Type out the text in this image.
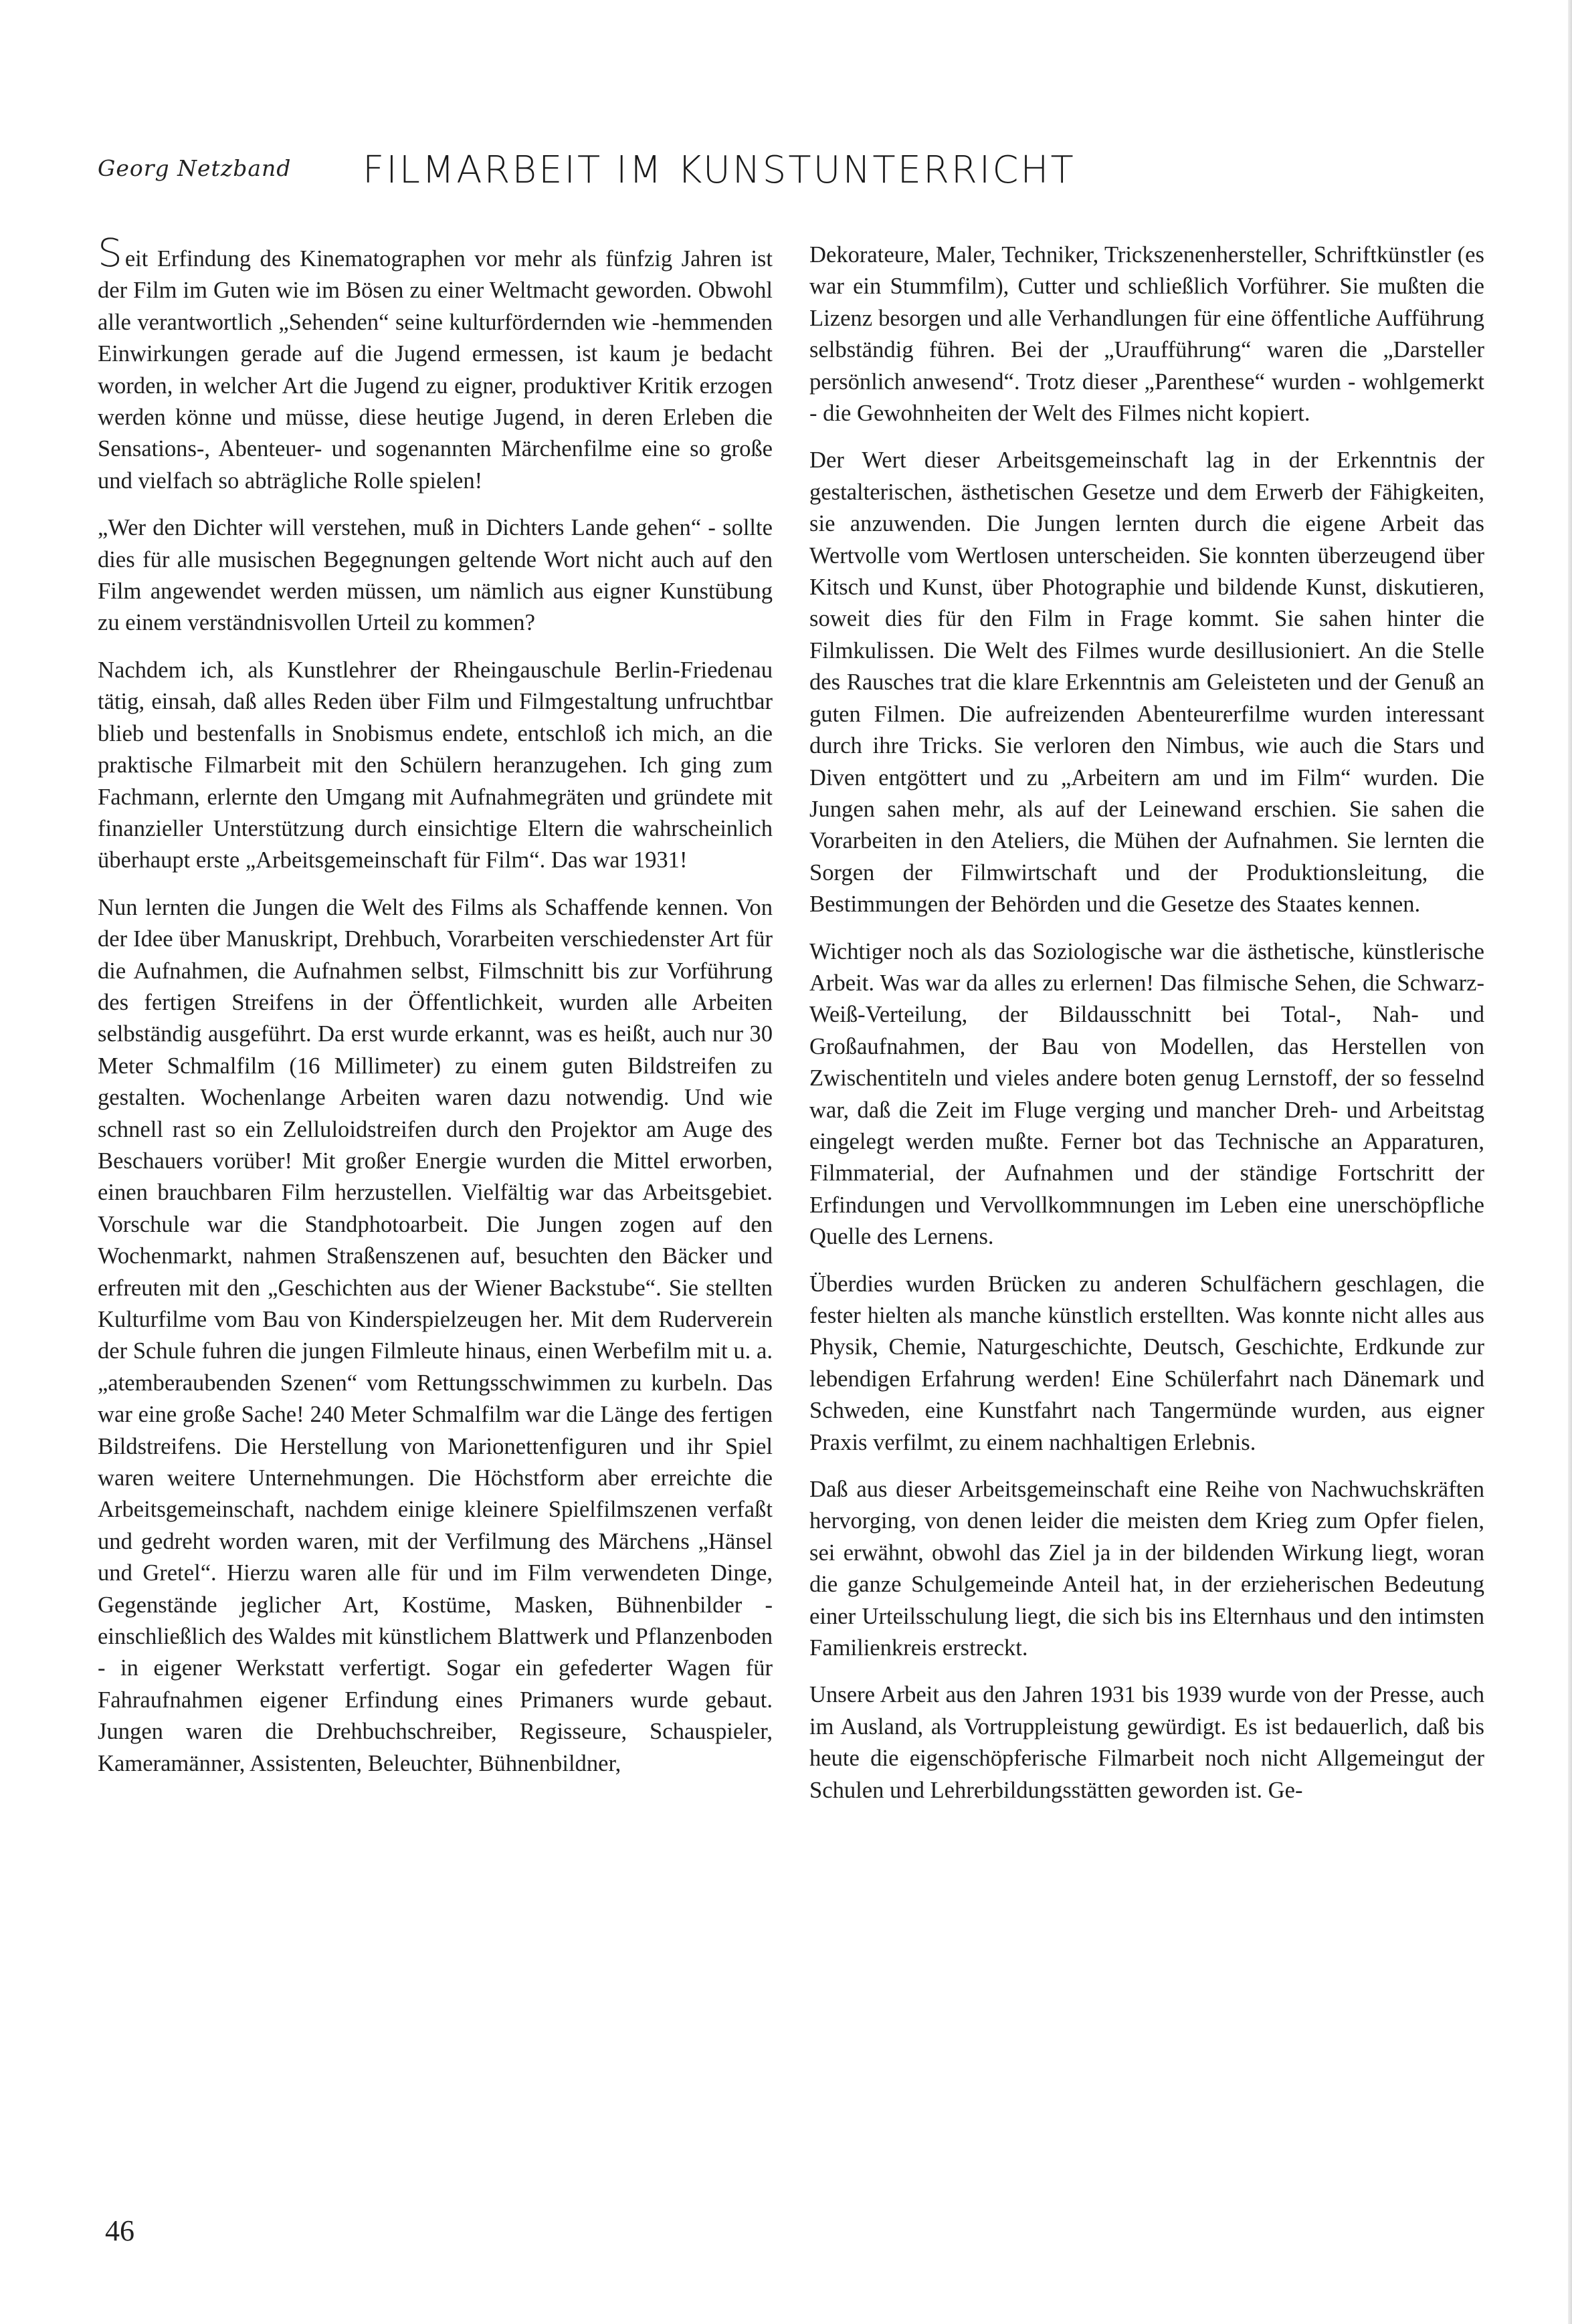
Georg Netzband FILMARBEIT IM KUNSTUNTERRICHT

Seit Erfindung des Kinematographen vor mehr als fünfzig Jahren ist der Film im Guten wie im Bösen zu einer Weltmacht geworden. Obwohl alle verantwortlich „Sehenden“ seine kulturfördernden wie -hemmenden Einwirkungen gerade auf die Jugend ermessen, ist kaum je bedacht worden, in welcher Art die Jugend zu eigner, produktiver Kritik erzogen werden könne und müsse, diese heutige Jugend, in deren Erleben die Sensations-, Abenteuer- und sogenannten Märchenfilme eine so große und vielfach so abträgliche Rolle spielen!

„Wer den Dichter will verstehen, muß in Dichters Lande gehen“ - sollte dies für alle musischen Begegnungen geltende Wort nicht auch auf den Film angewendet werden müssen, um nämlich aus eigner Kunstübung zu einem verständnisvollen Urteil zu kommen?

Nachdem ich, als Kunstlehrer der Rheingauschule Berlin-Friedenau tätig, einsah, daß alles Reden über Film und Filmgestaltung unfruchtbar blieb und bestenfalls in Snobismus endete, entschloß ich mich, an die praktische Filmarbeit mit den Schülern heranzugehen. Ich ging zum Fachmann, erlernte den Umgang mit Aufnahmegräten und gründete mit finanzieller Unterstützung durch einsichtige Eltern die wahrscheinlich überhaupt erste „Arbeitsgemeinschaft für Film“. Das war 1931!

Nun lernten die Jungen die Welt des Films als Schaffende kennen. Von der Idee über Manuskript, Drehbuch, Vorarbeiten verschiedenster Art für die Aufnahmen, die Aufnahmen selbst, Filmschnitt bis zur Vorführung des fertigen Streifens in der Öffentlichkeit, wurden alle Arbeiten selbständig ausgeführt. Da erst wurde erkannt, was es heißt, auch nur 30 Meter Schmalfilm (16 Millimeter) zu einem guten Bildstreifen zu gestalten. Wochenlange Arbeiten waren dazu notwendig. Und wie schnell rast so ein Zelluloidstreifen durch den Projektor am Auge des Beschauers vorüber! Mit großer Energie wurden die Mittel erworben, einen brauchbaren Film herzustellen. Vielfältig war das Arbeitsgebiet. Vorschule war die Standphotoarbeit. Die Jungen zogen auf den Wochenmarkt, nahmen Straßenszenen auf, besuchten den Bäcker und erfreuten mit den „Geschichten aus der Wiener Backstube“. Sie stellten Kulturfilme vom Bau von Kinderspielzeugen her. Mit dem Ruderverein der Schule fuhren die jungen Filmleute hinaus, einen Werbefilm mit u. a. „atemberaubenden Szenen“ vom Rettungsschwimmen zu kurbeln. Das war eine große Sache! 240 Meter Schmalfilm war die Länge des fertigen Bildstreifens. Die Herstellung von Marionettenfiguren und ihr Spiel waren weitere Unternehmungen. Die Höchstform aber erreichte die Arbeitsgemeinschaft, nachdem einige kleinere Spielfilmszenen verfaßt und gedreht worden waren, mit der Verfilmung des Märchens „Hänsel und Gretel“. Hierzu waren alle für und im Film verwendeten Dinge, Gegenstände jeglicher Art, Kostüme, Masken, Bühnenbilder - einschließlich des Waldes mit künstlichem Blattwerk und Pflanzenboden - in eigener Werkstatt verfertigt. Sogar ein gefederter Wagen für Fahraufnahmen eigener Erfindung eines Primaners wurde gebaut. Jungen waren die Drehbuchschreiber, Regisseure, Schauspieler, Kameramänner, Assistenten, Beleuchter, Bühnenbildner,

Dekorateure, Maler, Techniker, Trickszenenhersteller, Schriftkünstler (es war ein Stummfilm), Cutter und schließlich Vorführer. Sie mußten die Lizenz besorgen und alle Verhandlungen für eine öffentliche Aufführung selbständig führen. Bei der „Uraufführung“ waren die „Darsteller persönlich anwesend“. Trotz dieser „Parenthese“ wurden - wohlgemerkt - die Gewohnheiten der Welt des Filmes nicht kopiert.

Der Wert dieser Arbeitsgemeinschaft lag in der Erkenntnis der gestalterischen, ästhetischen Gesetze und dem Erwerb der Fähigkeiten, sie anzuwenden. Die Jungen lernten durch die eigene Arbeit das Wertvolle vom Wertlosen unterscheiden. Sie konnten überzeugend über Kitsch und Kunst, über Photographie und bildende Kunst, diskutieren, soweit dies für den Film in Frage kommt. Sie sahen hinter die Filmkulissen. Die Welt des Filmes wurde desillusioniert. An die Stelle des Rausches trat die klare Erkenntnis am Geleisteten und der Genuß an guten Filmen. Die aufreizenden Abenteurerfilme wurden interessant durch ihre Tricks. Sie verloren den Nimbus, wie auch die Stars und Diven entgöttert und zu „Arbeitern am und im Film“ wurden. Die Jungen sahen mehr, als auf der Leinewand erschien. Sie sahen die Vorarbeiten in den Ateliers, die Mühen der Aufnahmen. Sie lernten die Sorgen der Filmwirtschaft und der Produktionsleitung, die Bestimmungen der Behörden und die Gesetze des Staates kennen.

Wichtiger noch als das Soziologische war die ästhetische, künstlerische Arbeit. Was war da alles zu erlernen! Das filmische Sehen, die Schwarz-Weiß-Verteilung, der Bildausschnitt bei Total-, Nah- und Großaufnahmen, der Bau von Modellen, das Herstellen von Zwischentiteln und vieles andere boten genug Lernstoff, der so fesselnd war, daß die Zeit im Fluge verging und mancher Dreh- und Arbeitstag eingelegt werden mußte. Ferner bot das Technische an Apparaturen, Filmmaterial, der Aufnahmen und der ständige Fortschritt der Erfindungen und Vervollkommnungen im Leben eine unerschöpfliche Quelle des Lernens.

Überdies wurden Brücken zu anderen Schulfächern geschlagen, die fester hielten als manche künstlich erstellten. Was konnte nicht alles aus Physik, Chemie, Naturgeschichte, Deutsch, Geschichte, Erdkunde zur lebendigen Erfahrung werden! Eine Schülerfahrt nach Dänemark und Schweden, eine Kunstfahrt nach Tangermünde wurden, aus eigner Praxis verfilmt, zu einem nachhaltigen Erlebnis.

Daß aus dieser Arbeitsgemeinschaft eine Reihe von Nachwuchskräften hervorging, von denen leider die meisten dem Krieg zum Opfer fielen, sei erwähnt, obwohl das Ziel ja in der bildenden Wirkung liegt, woran die ganze Schulgemeinde Anteil hat, in der erzieherischen Bedeutung einer Urteilsschulung liegt, die sich bis ins Elternhaus und den intimsten Familienkreis erstreckt.

Unsere Arbeit aus den Jahren 1931 bis 1939 wurde von der Presse, auch im Ausland, als Vortruppleistung gewürdigt. Es ist bedauerlich, daß bis heute die eigenschöpferische Filmarbeit noch nicht Allgemeingut der Schulen und Lehrerbildungsstätten geworden ist. Ge-

46
